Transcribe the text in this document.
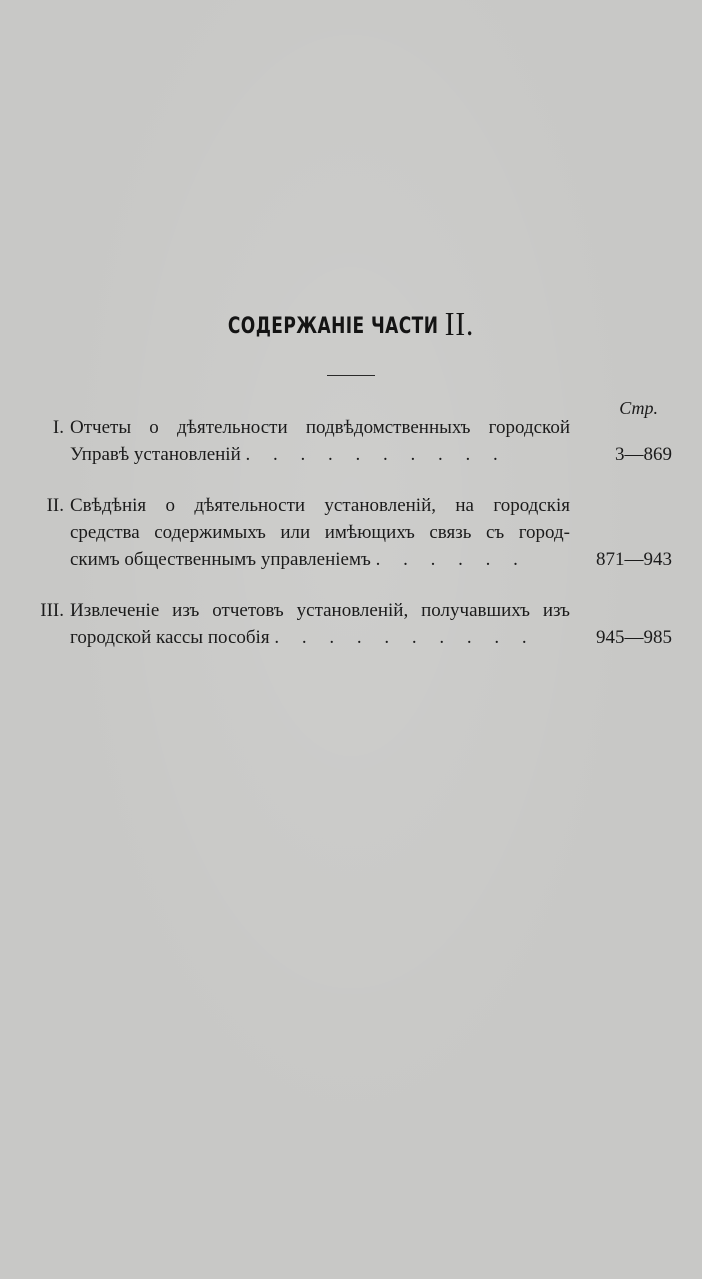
СОДЕРЖАНІЕ ЧАСТИ II.
Стр.
I. Отчеты о дѣятельности подвѣдомственныхъ городской
Управѣ установленій . . . . . . . . . .	3—869
II. Свѣдѣнія о дѣятельности установленій, на городскія
средства содержимыхъ или имѣющихъ связь съ город-
скимъ общественнымъ управленіемъ . . . . . .	871—943
III. Извлеченіе изъ отчетовъ установленій, получавшихъ изъ
городской кассы пособія . . . . . . . . . .	945—985
